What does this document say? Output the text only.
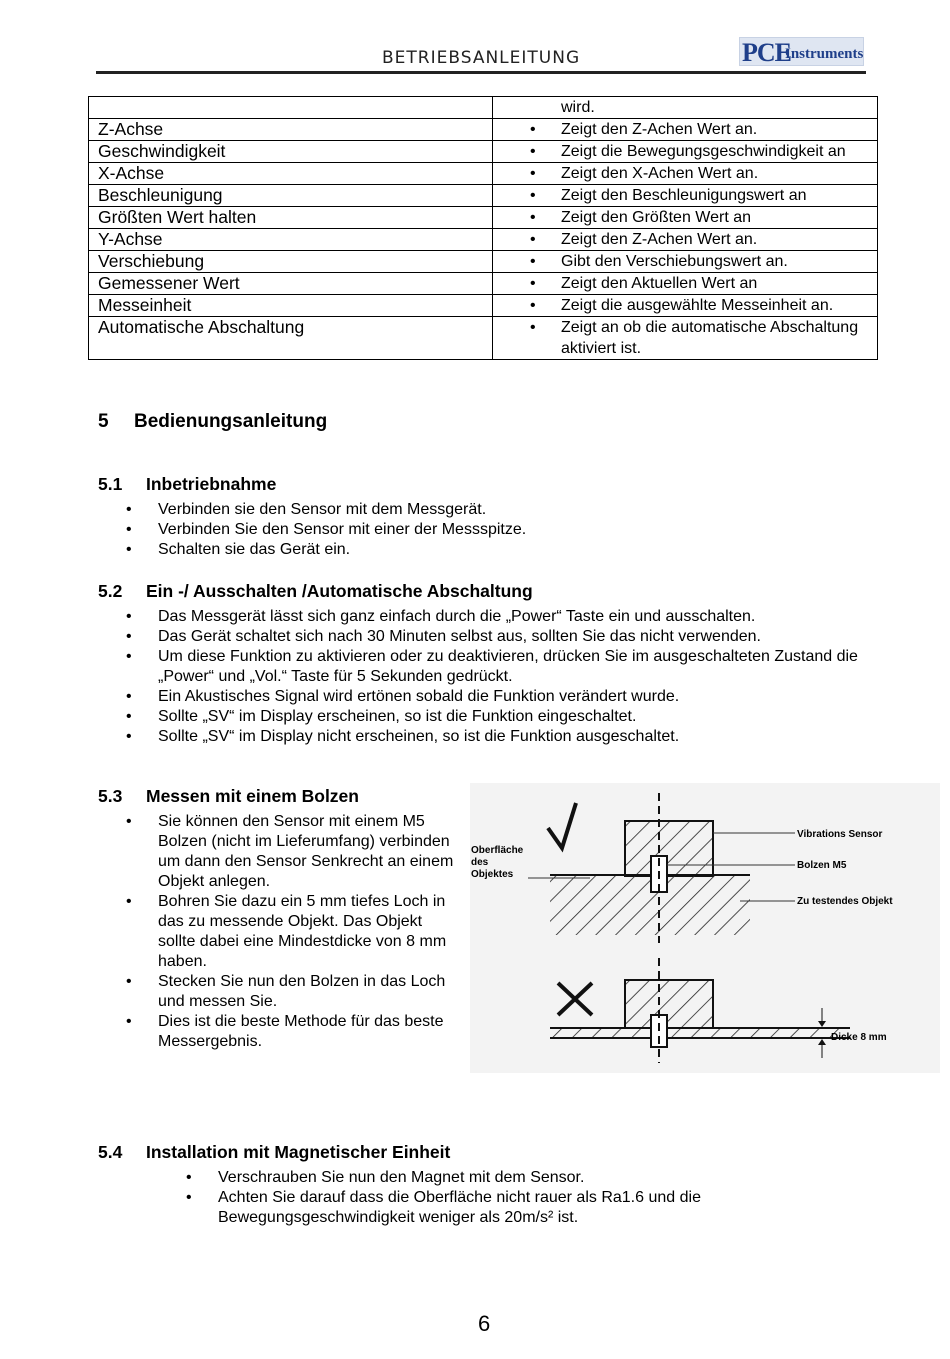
BETRIEBSANLEITUNG	PCE
Instruments
	wird.
Z-Achse	• Zeigt den Z-Achen Wert an.
Geschwindigkeit	• Zeigt die Bewegungsgeschwindigkeit an
X-Achse	• Zeigt den X-Achen Wert an.
Beschleunigung	• Zeigt den Beschleunigungswert an
Größten Wert halten	• Zeigt den Größten Wert an
Y-Achse	• Zeigt den Z-Achen Wert an.
Verschiebung	• Gibt den Verschiebungswert an.
Gemessener Wert	• Zeigt den Aktuellen Wert an
Messeinheit	• Zeigt die ausgewählte Messeinheit an.
Automatische Abschaltung	• Zeigt an ob die automatische Abschaltung aktiviert ist.
5 Bedienungsanleitung
5.1 Inbetriebnahme
• Verbinden sie den Sensor mit dem Messgerät.
• Verbinden Sie den Sensor mit einer der Messspitze.
• Schalten sie das Gerät ein.
5.2 Ein -/ Ausschalten /Automatische Abschaltung
• Das Messgerät lässt sich ganz einfach durch die „Power“ Taste ein und ausschalten.
• Das Gerät schaltet sich nach 30 Minuten selbst aus, sollten Sie das nicht verwenden.
• Um diese Funktion zu aktivieren oder zu deaktivieren, drücken Sie im ausgeschalteten Zustand die „Power“ und „Vol.“ Taste für 5 Sekunden gedrückt.
• Ein Akustisches Signal wird ertönen sobald die Funktion verändert wurde.
• Sollte „SV“ im Display erscheinen, so ist die Funktion eingeschaltet.
• Sollte „SV“ im Display nicht erscheinen, so ist die Funktion ausgeschaltet.
5.3 Messen mit einem Bolzen
• Sie können den Sensor mit einem M5 Bolzen (nicht im Lieferumfang) verbinden um dann den Sensor Senkrecht an einem Objekt anlegen.
• Bohren Sie dazu ein 5 mm tiefes Loch in das zu messende Objekt. Das Objekt sollte dabei eine Mindestdicke von 8 mm haben.
• Stecken Sie nun den Bolzen in das Loch und messen Sie.
• Dies ist die beste Methode für das beste Messergebnis.
Oberfläche des Objektes
Vibrations Sensor
Bolzen M5
Zu testendes Objekt
Dicke 8 mm
5.4 Installation mit Magnetischer Einheit
• Verschrauben Sie nun den Magnet mit dem Sensor.
• Achten Sie darauf dass die Oberfläche nicht rauer als Ra1.6 und die Bewegungsgeschwindigkeit weniger als 20m/s² ist.
6
